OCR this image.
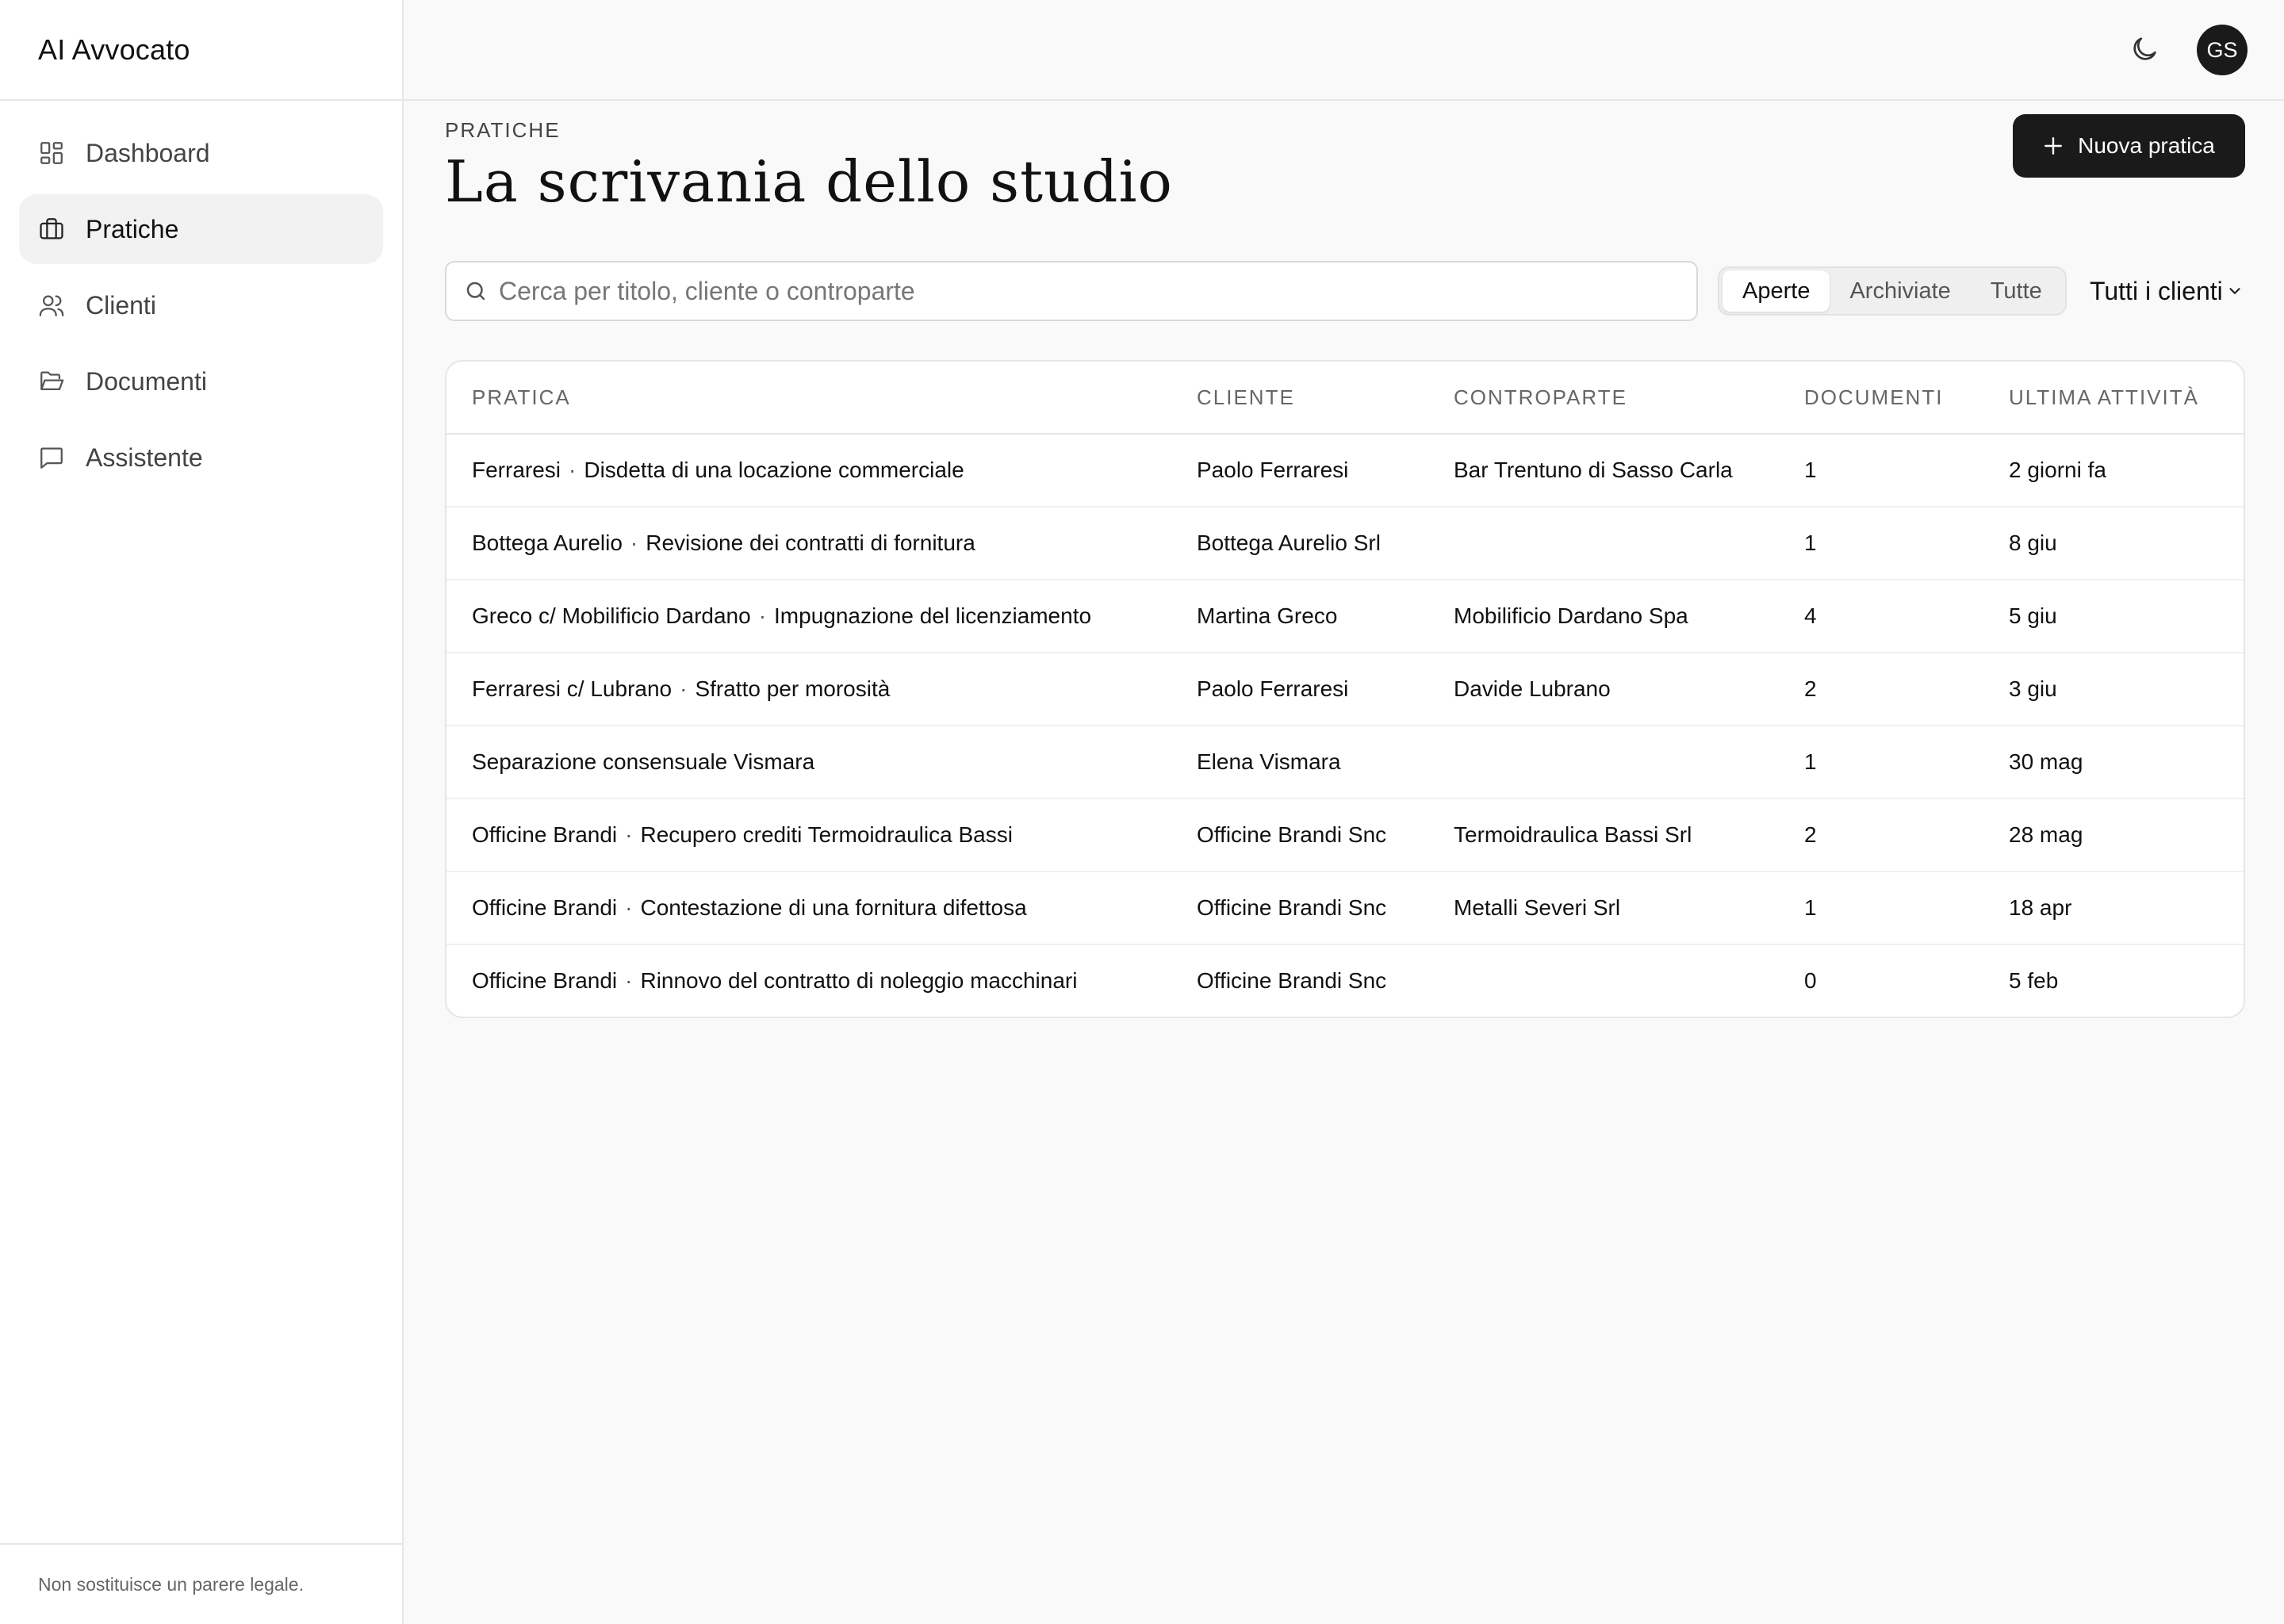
AI Avvocato
Dashboard
Pratiche
Clienti
Documenti
Assistente
Non sostituisce un parere legale.
GS
PRATICHE
La scrivania dello studio
Nuova pratica
Cerca per titolo, cliente o controparte
Aperte	Archiviate	Tutte	Tutti i clienti
PRATICA	CLIENTE	CONTROPARTE	DOCUMENTI	ULTIMA ATTIVITÀ
Ferraresi · Disdetta di una locazione commerciale	Paolo Ferraresi	Bar Trentuno di Sasso Carla	1	2 giorni fa
Bottega Aurelio · Revisione dei contratti di fornitura	Bottega Aurelio Srl		1	8 giu
Greco c/ Mobilificio Dardano · Impugnazione del licenziamento	Martina Greco	Mobilificio Dardano Spa	4	5 giu
Ferraresi c/ Lubrano · Sfratto per morosità	Paolo Ferraresi	Davide Lubrano	2	3 giu
Separazione consensuale Vismara	Elena Vismara		1	30 mag
Officine Brandi · Recupero crediti Termoidraulica Bassi	Officine Brandi Snc	Termoidraulica Bassi Srl	2	28 mag
Officine Brandi · Contestazione di una fornitura difettosa	Officine Brandi Snc	Metalli Severi Srl	1	18 apr
Officine Brandi · Rinnovo del contratto di noleggio macchinari	Officine Brandi Snc		0	5 feb
